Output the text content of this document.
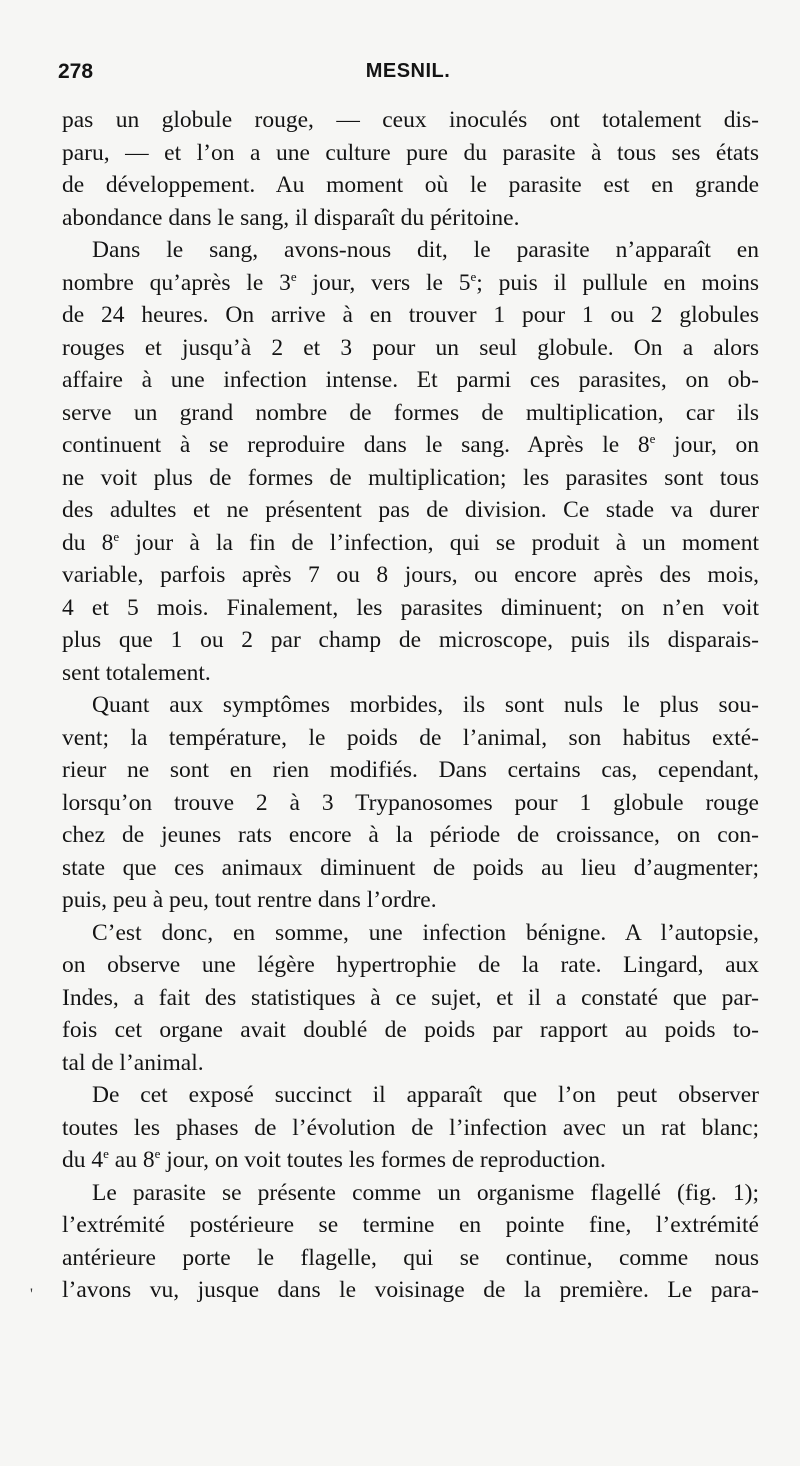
278	MESNIL.
'
pas un globule rouge, — ceux inoculés ont totalement dis-
paru, — et l’on a une culture pure du parasite à tous ses états
de développement. Au moment où le parasite est en grande
abondance dans le sang, il disparaît du péritoine.
Dans le sang, avons-nous dit, le parasite n’apparaît en
nombre qu’après le 3e jour, vers le 5e; puis il pullule en moins
de 24 heures. On arrive à en trouver 1 pour 1 ou 2 globules
rouges et jusqu’à 2 et 3 pour un seul globule. On a alors
affaire à une infection intense. Et parmi ces parasites, on ob-
serve un grand nombre de formes de multiplication, car ils
continuent à se reproduire dans le sang. Après le 8e jour, on
ne voit plus de formes de multiplication; les parasites sont tous
des adultes et ne présentent pas de division. Ce stade va durer
du 8e jour à la fin de l’infection, qui se produit à un moment
variable, parfois après 7 ou 8 jours, ou encore après des mois,
4 et 5 mois. Finalement, les parasites diminuent; on n’en voit
plus que 1 ou 2 par champ de microscope, puis ils disparais-
sent totalement.
Quant aux symptômes morbides, ils sont nuls le plus sou-
vent; la température, le poids de l’animal, son habitus exté-
rieur ne sont en rien modifiés. Dans certains cas, cependant,
lorsqu’on trouve 2 à 3 Trypanosomes pour 1 globule rouge
chez de jeunes rats encore à la période de croissance, on con-
state que ces animaux diminuent de poids au lieu d’augmenter;
puis, peu à peu, tout rentre dans l’ordre.
C’est donc, en somme, une infection bénigne. A l’autopsie,
on observe une légère hypertrophie de la rate. Lingard, aux
Indes, a fait des statistiques à ce sujet, et il a constaté que par-
fois cet organe avait doublé de poids par rapport au poids to-
tal de l’animal.
De cet exposé succinct il apparaît que l’on peut observer
toutes les phases de l’évolution de l’infection avec un rat blanc;
du 4e au 8e jour, on voit toutes les formes de reproduction.
Le parasite se présente comme un organisme flagellé (fig. 1);
l’extrémité postérieure se termine en pointe fine, l’extrémité
antérieure porte le flagelle, qui se continue, comme nous
l’avons vu, jusque dans le voisinage de la première. Le para-
